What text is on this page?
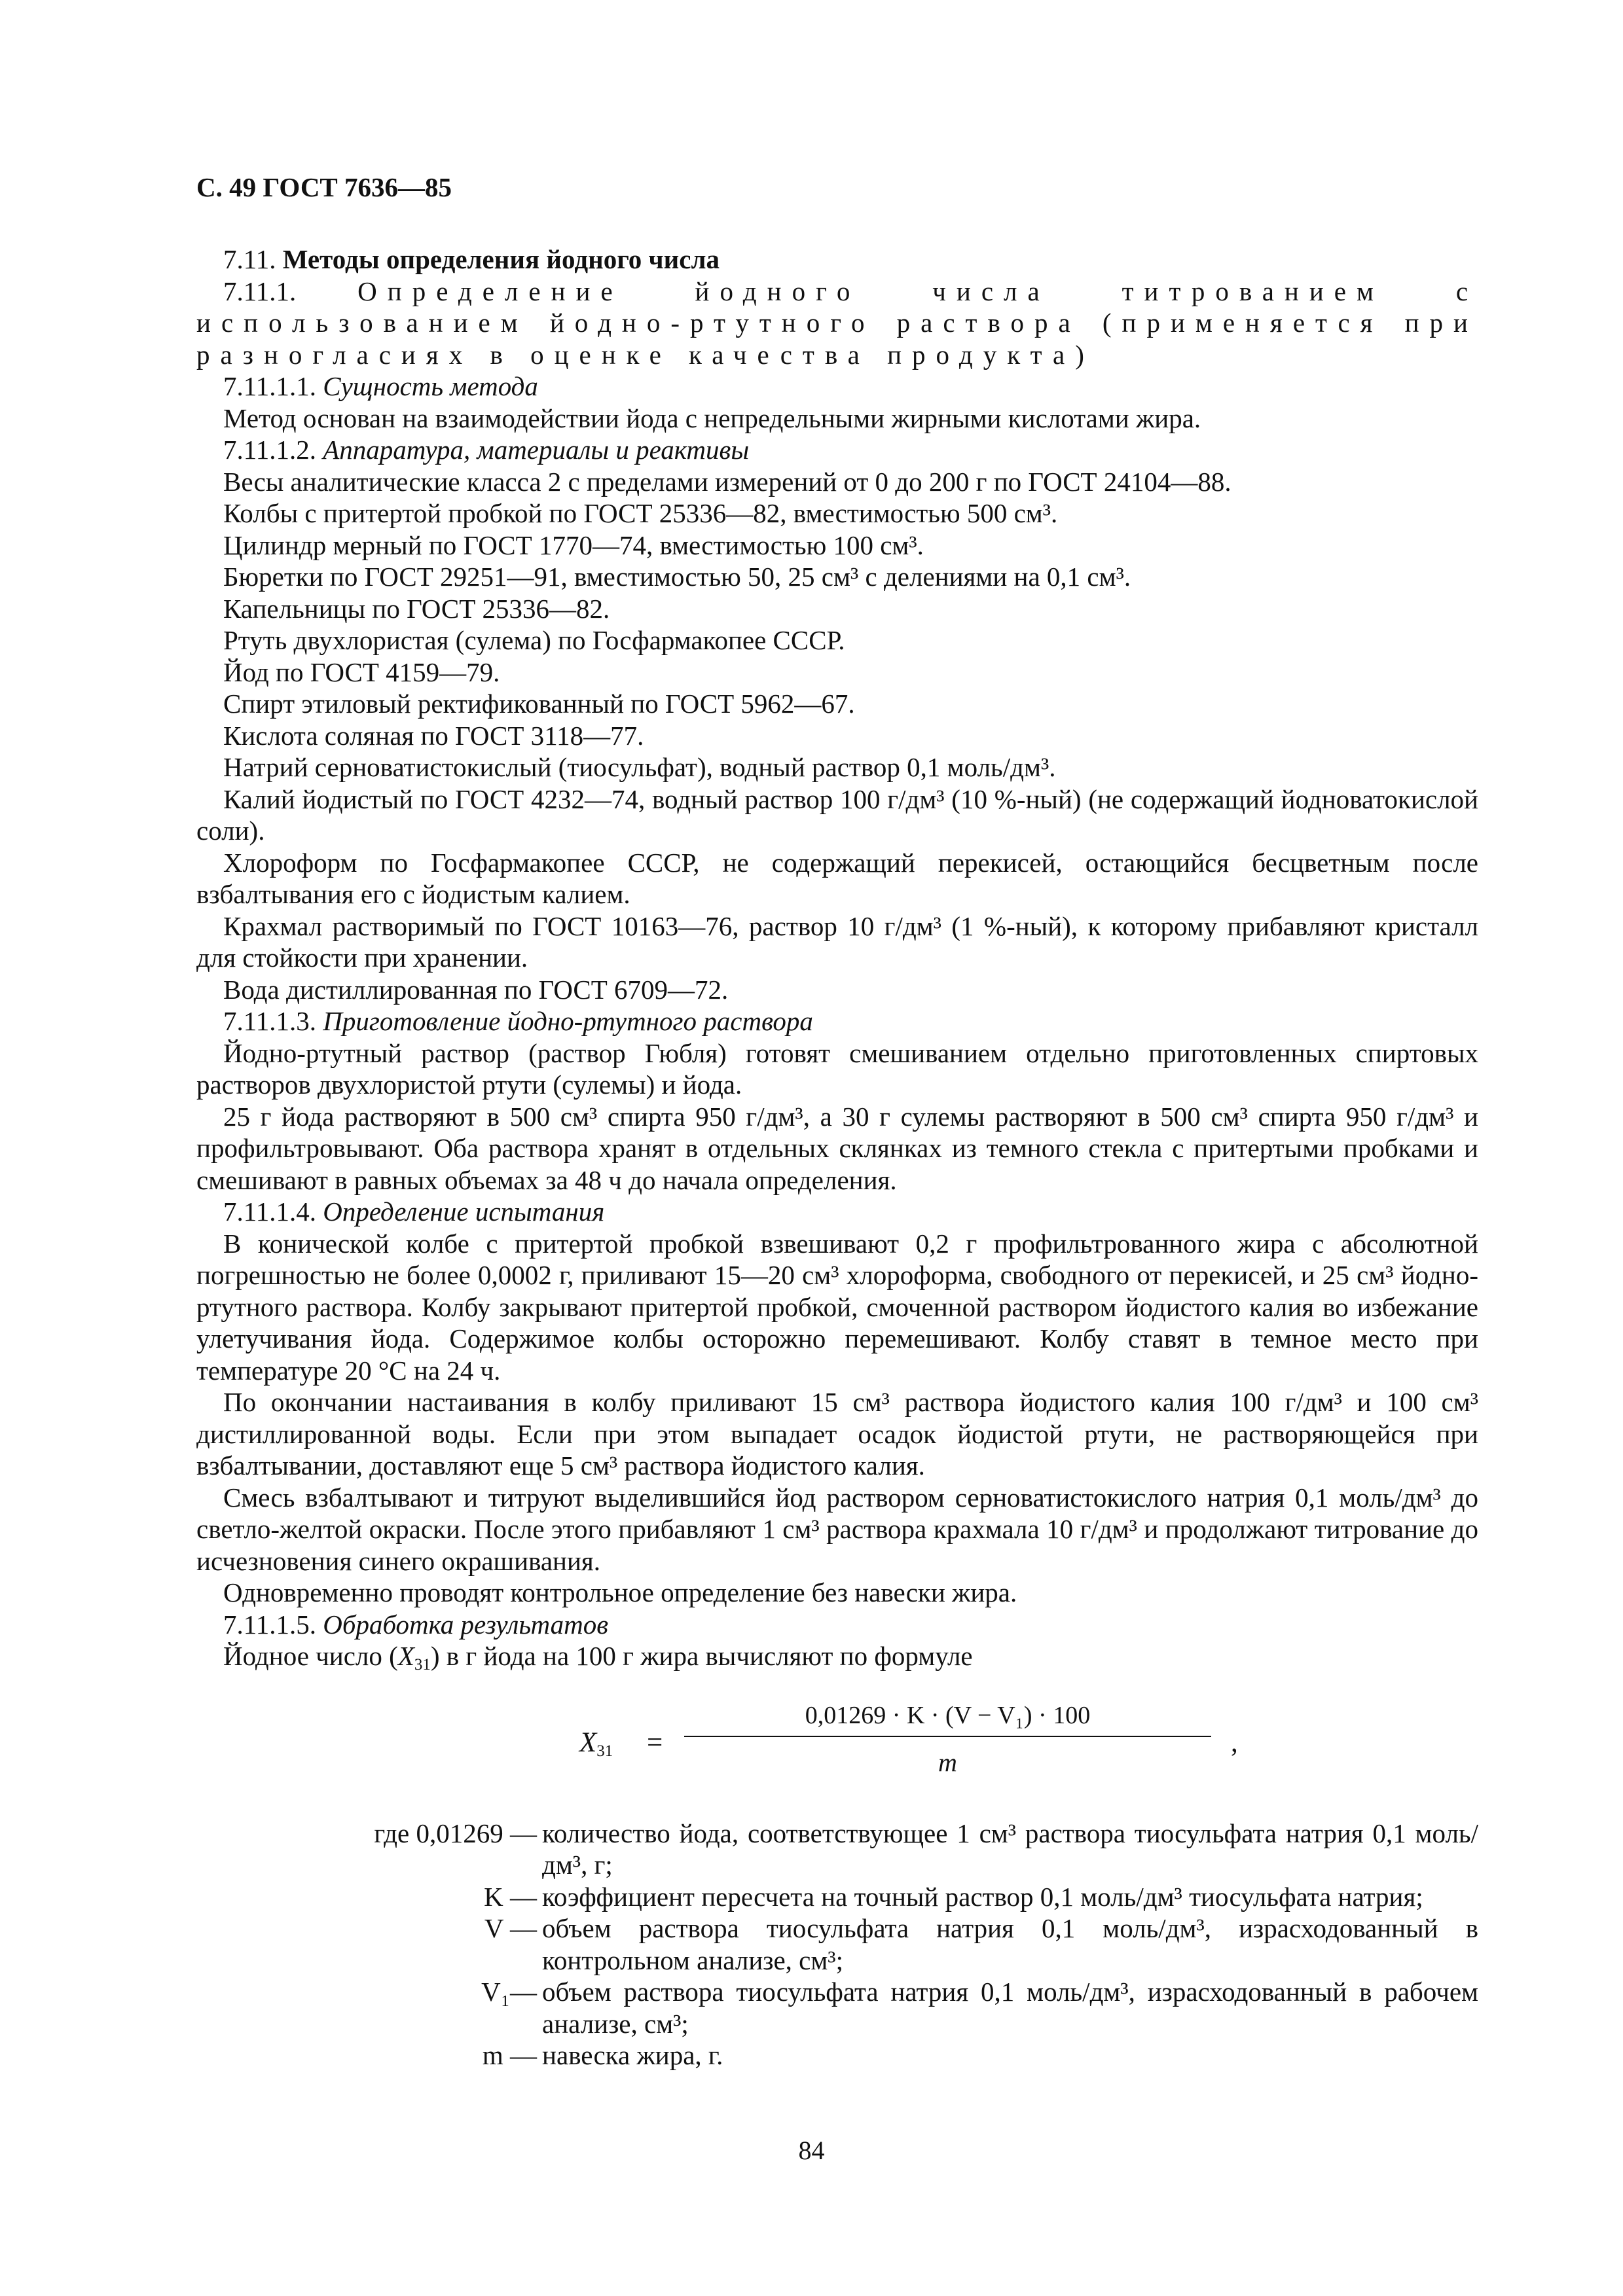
С. 49 ГОСТ 7636—85
7.11. Методы определения йодного числа
7.11.1. Определение йодного числа титрованием с использованием йодно-ртутного раствора (применяется при разногласиях в оценке качества продукта)
7.11.1.1. Сущность метода
Метод основан на взаимодействии йода с непредельными жирными кислотами жира.
7.11.1.2. Аппаратура, материалы и реактивы
Весы аналитические класса 2 с пределами измерений от 0 до 200 г по ГОСТ 24104—88.
Колбы с притертой пробкой по ГОСТ 25336—82, вместимостью 500 см³.
Цилиндр мерный по ГОСТ 1770—74, вместимостью 100 см³.
Бюретки по ГОСТ 29251—91, вместимостью 50, 25 см³ с делениями на 0,1 см³.
Капельницы по ГОСТ 25336—82.
Ртуть двухлористая (сулема) по Госфармакопее СССР.
Йод по ГОСТ 4159—79.
Спирт этиловый ректификованный по ГОСТ 5962—67.
Кислота соляная по ГОСТ 3118—77.
Натрий серноватистокислый (тиосульфат), водный раствор 0,1 моль/дм³.
Калий йодистый по ГОСТ 4232—74, водный раствор 100 г/дм³ (10 %-ный) (не содержащий йодноватокислой соли).
Хлороформ по Госфармакопее СССР, не содержащий перекисей, остающийся бесцветным после взбалтывания его с йодистым калием.
Крахмал растворимый по ГОСТ 10163—76, раствор 10 г/дм³ (1 %-ный), к которому прибавляют кристалл для стойкости при хранении.
Вода дистиллированная по ГОСТ 6709—72.
7.11.1.3. Приготовление йодно-ртутного раствора
Йодно-ртутный раствор (раствор Гюбля) готовят смешиванием отдельно приготовленных спиртовых растворов двухлористой ртути (сулемы) и йода.
25 г йода растворяют в 500 см³ спирта 950 г/дм³, а 30 г сулемы растворяют в 500 см³ спирта 950 г/дм³ и профильтровывают. Оба раствора хранят в отдельных склянках из темного стекла с притертыми пробками и смешивают в равных объемах за 48 ч до начала определения.
7.11.1.4. Определение испытания
В конической колбе с притертой пробкой взвешивают 0,2 г профильтрованного жира с абсолютной погрешностью не более 0,0002 г, приливают 15—20 см³ хлороформа, свободного от перекисей, и 25 см³ йодно-ртутного раствора. Колбу закрывают притертой пробкой, смоченной раствором йодистого калия во избежание улетучивания йода. Содержимое колбы осторожно перемешивают. Колбу ставят в темное место при температуре 20 °С на 24 ч.
По окончании настаивания в колбу приливают 15 см³ раствора йодистого калия 100 г/дм³ и 100 см³ дистиллированной воды. Если при этом выпадает осадок йодистой ртути, не растворяющейся при взбалтывании, доставляют еще 5 см³ раствора йодистого калия.
Смесь взбалтывают и титруют выделившийся йод раствором серноватистокислого натрия 0,1 моль/дм³ до светло-желтой окраски. После этого прибавляют 1 см³ раствора крахмала 10 г/дм³ и продолжают титрование до исчезновения синего окрашивания.
Одновременно проводят контрольное определение без навески жира.
7.11.1.5. Обработка результатов
Йодное число $(X_{31})$ в г йода на 100 г жира вычисляют по формуле
$X_{31}$ =
0,01269 · K · (V − V₁) · 100
m
,
где 0,01269 — количество йода, соответствующее 1 см³ раствора тиосульфата натрия 0,1 моль/дм³, г;
K — коэффициент пересчета на точный раствор 0,1 моль/дм³ тиосульфата натрия;
V — объем раствора тиосульфата натрия 0,1 моль/дм³, израсходованный в контрольном анализе, см³;
V₁— объем раствора тиосульфата натрия 0,1 моль/дм³, израсходованный в рабочем анализе, см³;
m — навеска жира, г.
84
